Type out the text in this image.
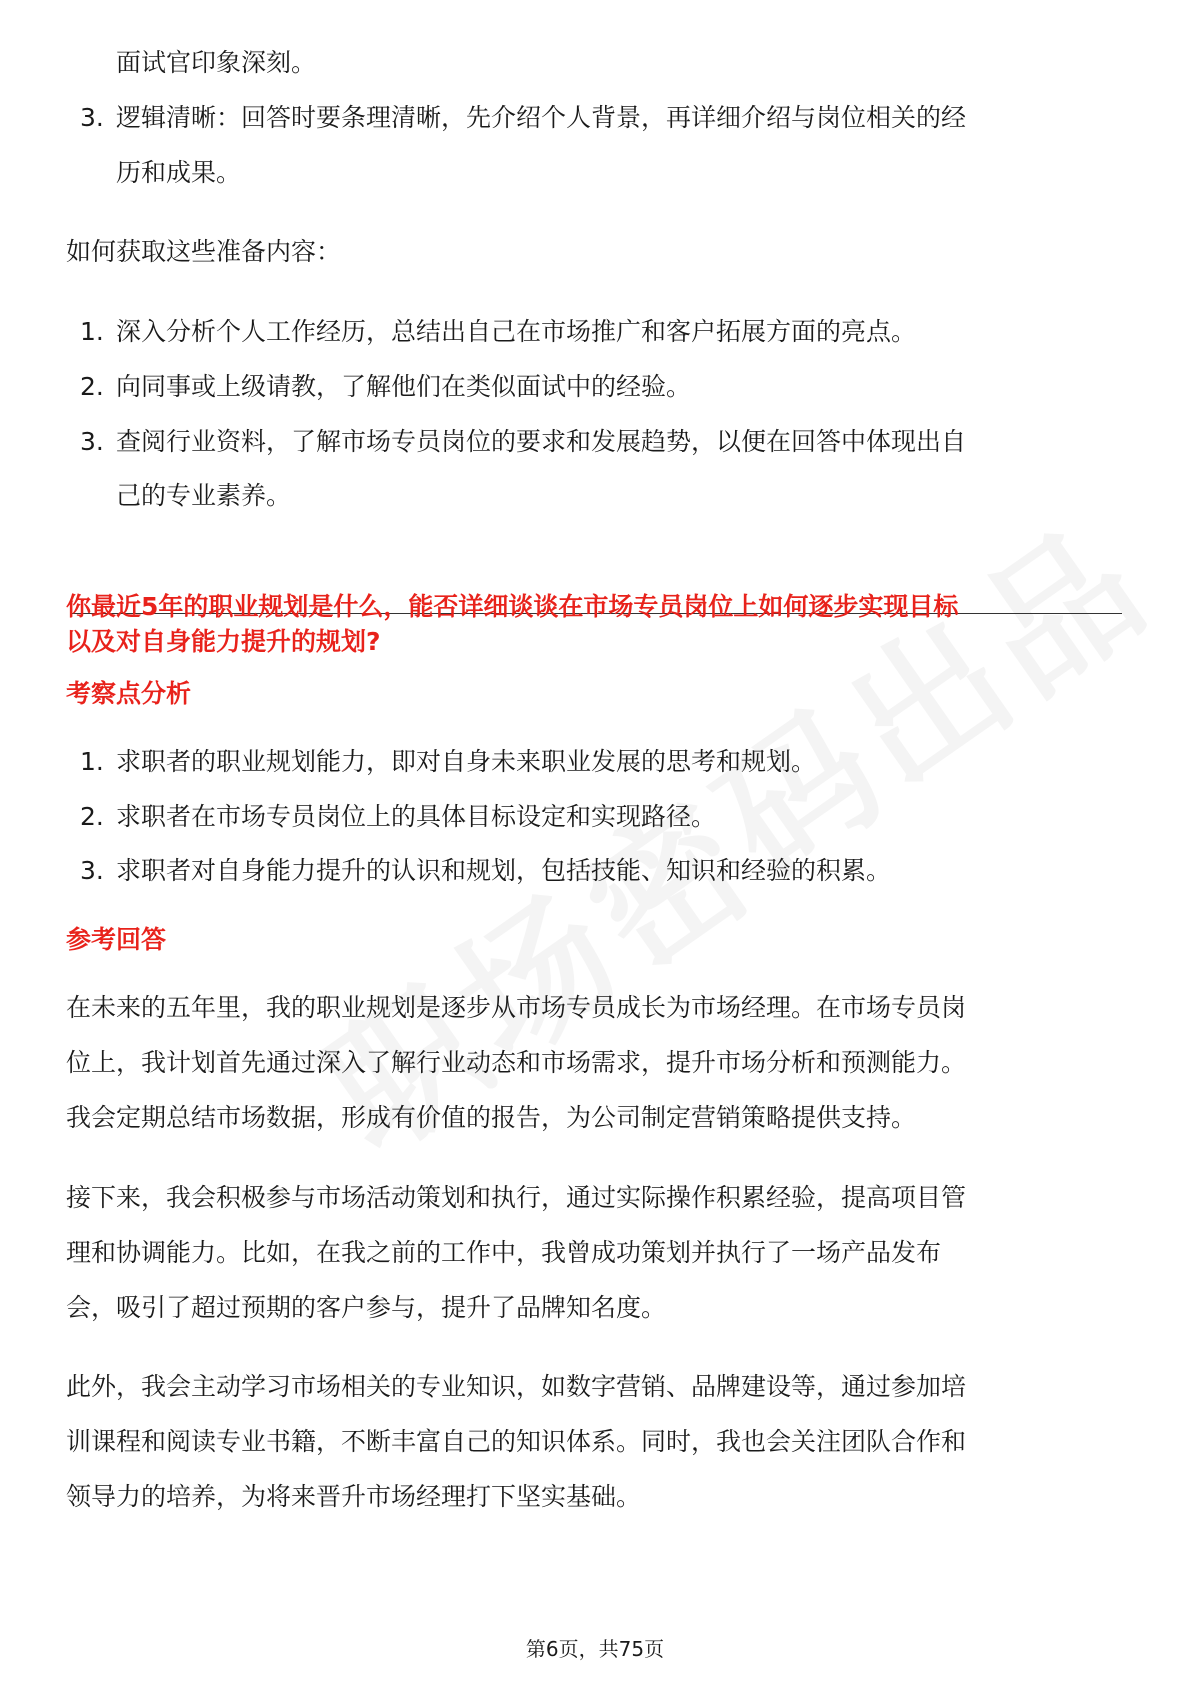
面试官印象深刻。
3. 逻辑清晰：回答时要条理清晰，先介绍个人背景，再详细介绍与岗位相关的经
历和成果。
如何获取这些准备内容：
1. 深入分析个人工作经历，总结出自己在市场推广和客户拓展方面的亮点。
2. 向同事或上级请教，了解他们在类似面试中的经验。
3. 查阅行业资料，了解市场专员岗位的要求和发展趋势，以便在回答中体现出自
己的专业素养。
你最近5年的职业规划是什么，能否详细谈谈在市场专员岗位上如何逐步实现目标
以及对自身能力提升的规划?
考察点分析
1. 求职者的职业规划能力，即对自身未来职业发展的思考和规划。
2. 求职者在市场专员岗位上的具体目标设定和实现路径。
3. 求职者对自身能力提升的认识和规划，包括技能、知识和经验的积累。
参考回答
在未来的五年里，我的职业规划是逐步从市场专员成长为市场经理。在市场专员岗
位上，我计划首先通过深入了解行业动态和市场需求，提升市场分析和预测能力。
我会定期总结市场数据，形成有价值的报告，为公司制定营销策略提供支持。
接下来，我会积极参与市场活动策划和执行，通过实际操作积累经验，提高项目管
理和协调能力。比如，在我之前的工作中，我曾成功策划并执行了一场产品发布
会，吸引了超过预期的客户参与，提升了品牌知名度。
此外，我会主动学习市场相关的专业知识，如数字营销、品牌建设等，通过参加培
训课程和阅读专业书籍，不断丰富自己的知识体系。同时，我也会关注团队合作和
领导力的培养，为将来晋升市场经理打下坚实基础。
第6页，共75页
